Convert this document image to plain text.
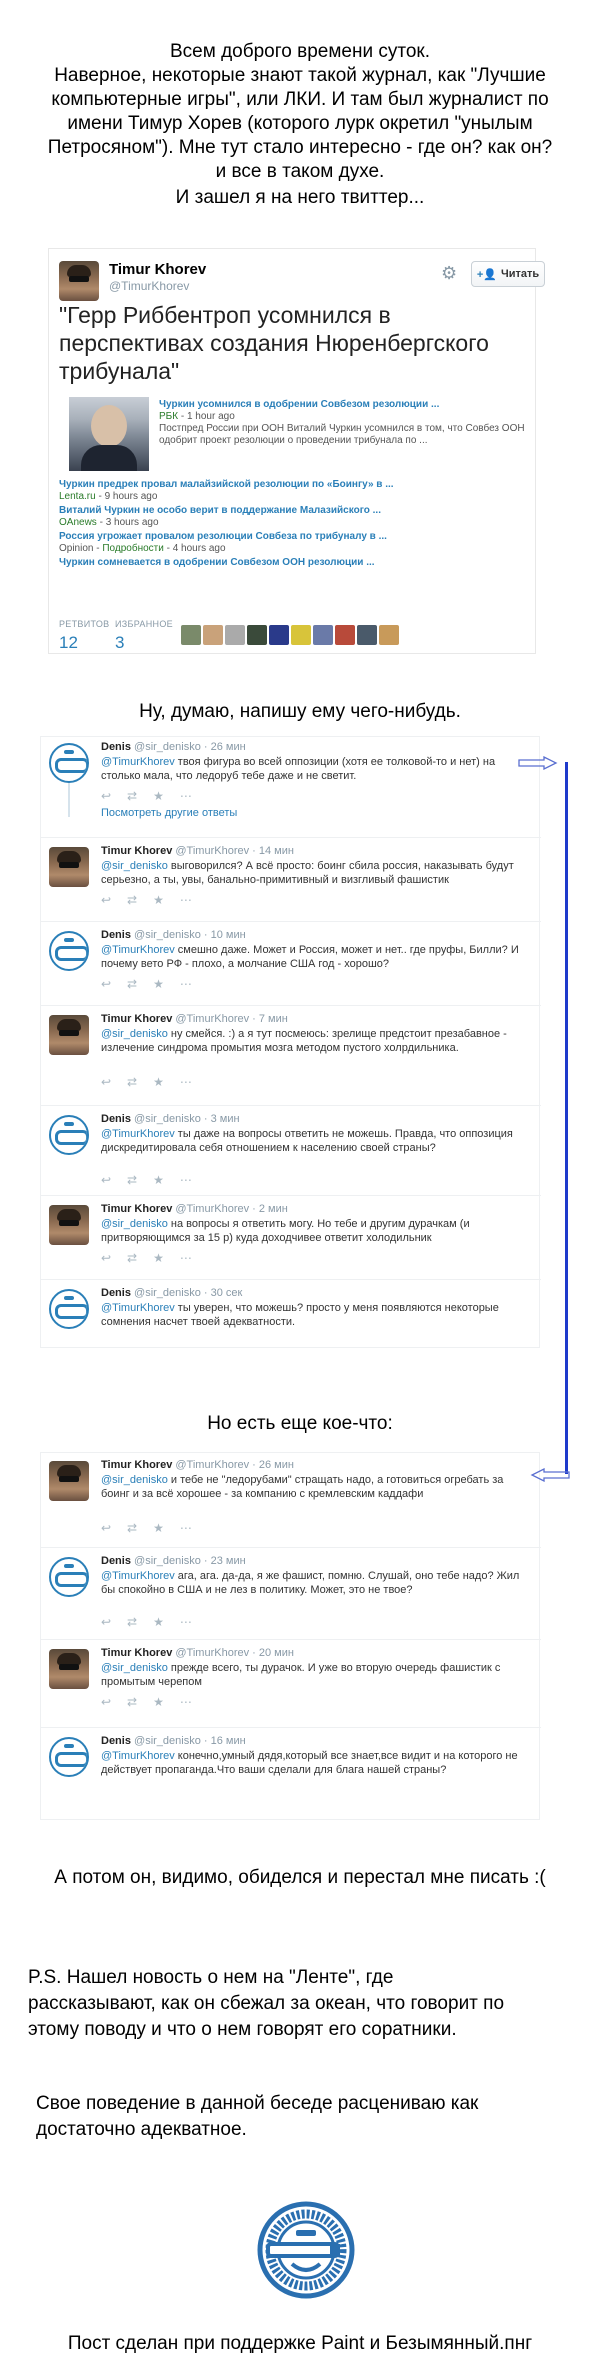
Всем доброго времени суток.
Наверное, некоторые знают такой журнал, как "Лучшие
компьютерные игры", или ЛКИ. И там был журналист по
имени Тимур Хорев (которого лурк окретил "унылым
Петросяном"). Мне тут стало интересно - где он? как он?
и все в таком духе.
И зашел я на него твиттер...
Timur Khorev
@TimurKhorev
⚙ +👤 Читать
"Герр Риббентроп усомнился в перспективах создания Нюренбергского трибунала"
Чуркин усомнился в одобрении Совбезом резолюции ...
РБК - 1 hour ago
Постпред России при ООН Виталий Чуркин усомнился в том, что Совбез ООН одобрит проект резолюции о проведении трибунала по ...
Чуркин предрек провал малайзийской резолюции по «Боингу» в ...
Lenta.ru - 9 hours ago
Виталий Чуркин не особо верит в поддержание Малазийского ...
OAnews - 3 hours ago
Россия угрожает провалом резолюции Совбеза по трибуналу в ...
Opinion - Подробности - 4 hours ago
Чуркин сомневается в одобрении Совбезом ООН резолюции ...
РЕТВИТОВ
12
ИЗБРАННОЕ
3
Ну, думаю, напишу ему чего-нибудь.
Denis @sir_denisko · 26 мин
@TimurKhorev твоя фигура во всей оппозиции (хотя ее толковой-то и нет) на столько мала, что ледоруб тебе даже и не светит.
↩⇄★⋯
Посмотреть другие ответы
Timur Khorev @TimurKhorev · 14 мин
@sir_denisko выговорился? А всё просто: боинг сбила россия, наказывать будут серьезно, а ты, увы, банально-примитивный и визгливый фашистик
↩⇄★⋯
Denis @sir_denisko · 10 мин
@TimurKhorev смешно даже. Может и Россия, может и нет.. где пруфы, Билли? И почему вето РФ - плохо, а молчание США год - хорошо?
↩⇄★⋯
Timur Khorev @TimurKhorev · 7 мин
@sir_denisko ну смейся. :) а я тут посмеюсь: зрелище предстоит презабавное - излечение синдрома промытия мозга методом пустого холрдильника.
↩⇄★⋯
Denis @sir_denisko · 3 мин
@TimurKhorev ты даже на вопросы ответить не можешь. Правда, что оппозиция дискредитировала себя отношением к населению своей страны?
↩⇄★⋯
Timur Khorev @TimurKhorev · 2 мин
@sir_denisko на вопросы я ответить могу. Но тебе и другим дурачкам (и притворяющимся за 15 р) куда доходчивее ответит холодильник
↩⇄★⋯
Denis @sir_denisko · 30 сек
@TimurKhorev ты уверен, что можешь? просто у меня появляются некоторые сомнения насчет твоей адекватности.
Но есть еще кое-что:
Timur Khorev @TimurKhorev · 26 мин
@sir_denisko и тебе не "ледорубами" стращать надо, а готовиться огребать за боинг и за всё хорошее - за компанию с кремлевским каддафи
↩⇄★⋯
Denis @sir_denisko · 23 мин
@TimurKhorev ага, ага. да-да, я же фашист, помню. Слушай, оно тебе надо? Жил бы спокойно в США и не лез в политику. Может, это не твое?
↩⇄★⋯
Timur Khorev @TimurKhorev · 20 мин
@sir_denisko прежде всего, ты дурачок. И уже во вторую очередь фашистик с промытым черепом
↩⇄★⋯
Denis @sir_denisko · 16 мин
@TimurKhorev конечно,умный дядя,который все знает,все видит и на которого не действует пропаганда.Что ваши сделали для блага нашей страны?
А потом он, видимо, обиделся и перестал мне писать :(
P.S. Нашел новость о нем на "Ленте", где
рассказывают, как он сбежал за океан, что говорит по
этому поводу и что о нем говорят его соратники.
Свое поведение в данной беседе расцениваю как
достаточно адекватное.
Пост сделан при поддержке Paint и Безымянный.пнг
